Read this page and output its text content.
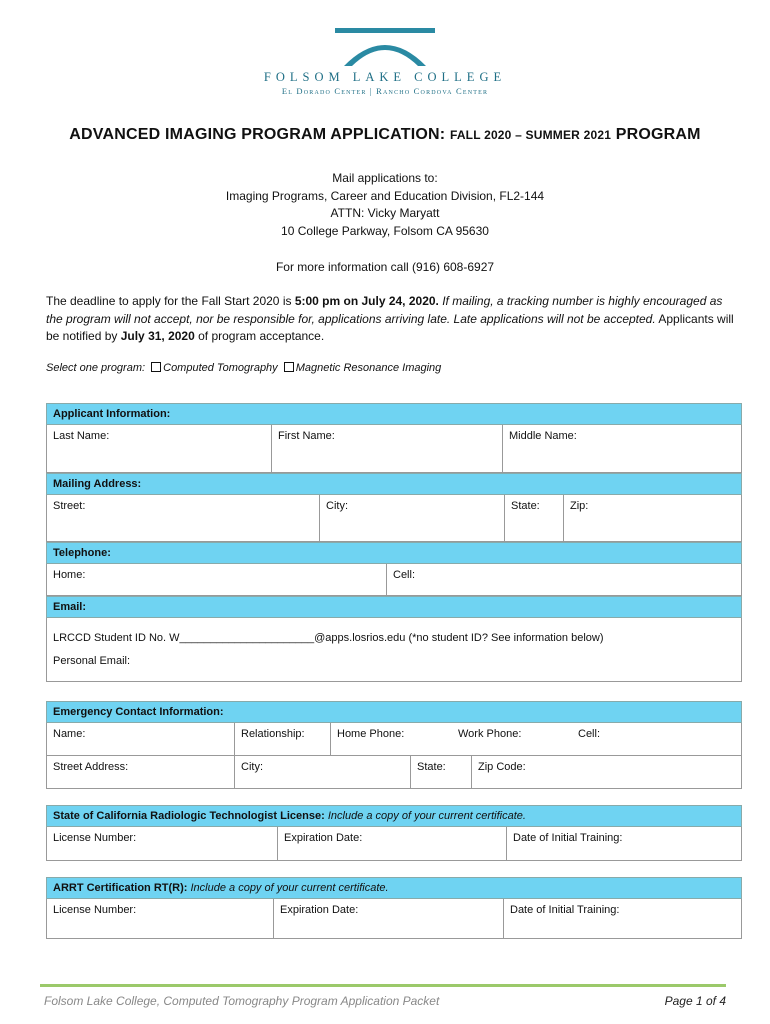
FOLSOM LAKE COLLEGE
El Dorado Center | Rancho Cordova Center
ADVANCED IMAGING PROGRAM APPLICATION: FALL 2020 – SUMMER 2021 PROGRAM
Mail applications to:
Imaging Programs, Career and Education Division, FL2-144
ATTN: Vicky Maryatt
10 College Parkway, Folsom CA 95630
For more information call (916) 608-6927
The deadline to apply for the Fall Start 2020 is 5:00 pm on July 24, 2020. If mailing, a tracking number is highly encouraged as the program will not accept, nor be responsible for, applications arriving late. Late applications will not be accepted. Applicants will be notified by July 31, 2020 of program acceptance.
Select one program: Computed Tomography Magnetic Resonance Imaging
Applicant Information:
Last Name:	First Name:	Middle Name:
Mailing Address:
Street:	City:	State:	Zip:
Telephone:
Home:	Cell:
Email:
LRCCD Student ID No. W______________________@apps.losrios.edu (*no student ID? See information below)
Personal Email:
Emergency Contact Information:
Name:	Relationship:	Home Phone:	Work Phone:	Cell:
Street Address:	City:	State:	Zip Code:
State of California Radiologic Technologist License: Include a copy of your current certificate.
License Number:	Expiration Date:	Date of Initial Training:
ARRT Certification RT(R): Include a copy of your current certificate.
License Number:	Expiration Date:	Date of Initial Training:
Folsom Lake College, Computed Tomography Program Application Packet	Page 1 of 4
